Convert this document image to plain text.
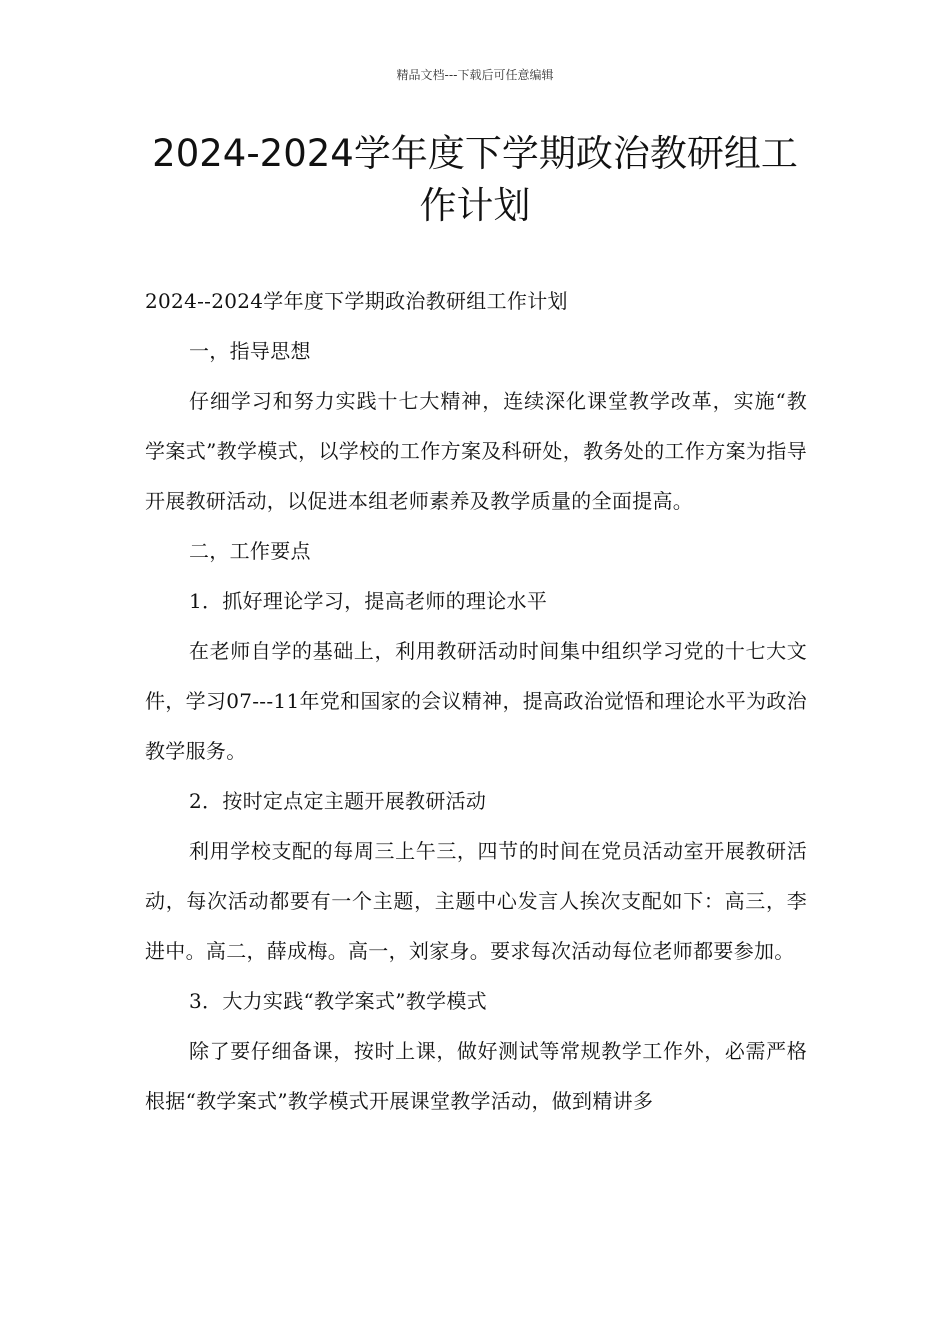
精品文档---下载后可任意编辑
2024-2024学年度下学期政治教研组工
作计划

2024--2024学年度下学期政治教研组工作计划

一，指导思想

仔细学习和努力实践十七大精神，连续深化课堂教学改革，实施“教学案式”教学模式，以学校的工作方案及科研处，教务处的工作方案为指导开展教研活动，以促进本组老师素养及教学质量的全面提高。

二，工作要点

1．抓好理论学习，提高老师的理论水平

在老师自学的基础上，利用教研活动时间集中组织学习党的十七大文件，学习07---11年党和国家的会议精神，提高政治觉悟和理论水平为政治教学服务。

2．按时定点定主题开展教研活动

利用学校支配的每周三上午三，四节的时间在党员活动室开展教研活动，每次活动都要有一个主题，主题中心发言人挨次支配如下：高三，李进中。高二，薛成梅。高一，刘家身。要求每次活动每位老师都要参加。

3．大力实践“教学案式”教学模式

除了要仔细备课，按时上课，做好测试等常规教学工作外，必需严格根据“教学案式”教学模式开展课堂教学活动，做到精讲多
